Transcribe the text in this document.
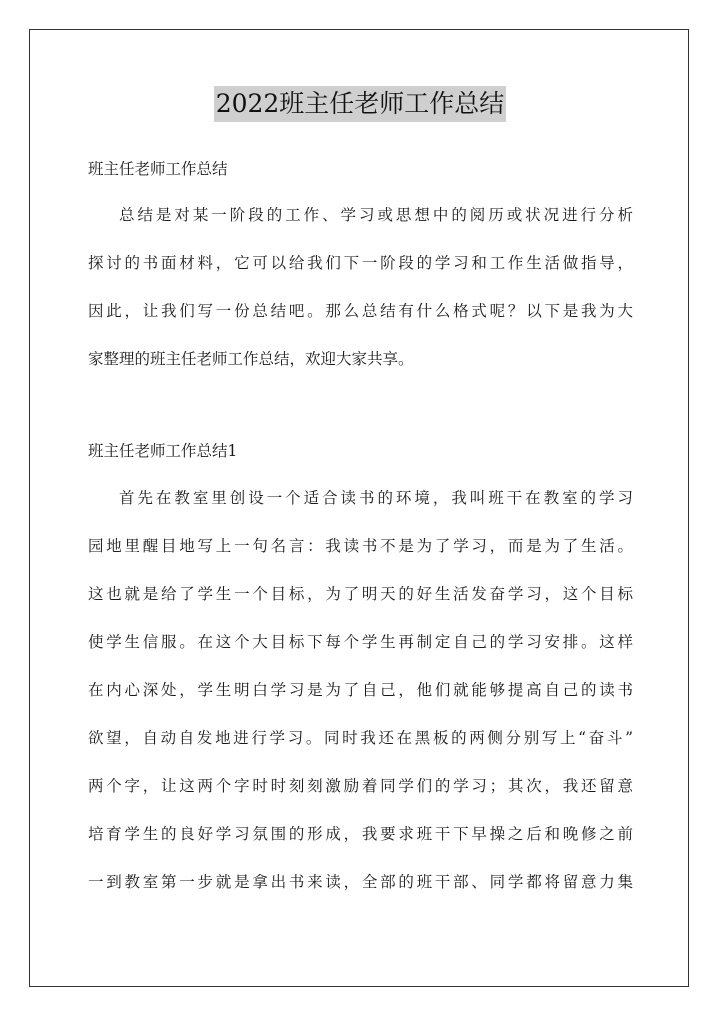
2022班主任老师工作总结
班主任老师工作总结
总结是对某一阶段的工作、学习或思想中的阅历或状况进行分析
探讨的书面材料，它可以给我们下一阶段的学习和工作生活做指导，
因此，让我们写一份总结吧。那么总结有什么格式呢？以下是我为大
家整理的班主任老师工作总结，欢迎大家共享。
班主任老师工作总结1
首先在教室里创设一个适合读书的环境，我叫班干在教室的学习
园地里醒目地写上一句名言：我读书不是为了学习，而是为了生活。
这也就是给了学生一个目标，为了明天的好生活发奋学习，这个目标
使学生信服。在这个大目标下每个学生再制定自己的学习安排。这样
在内心深处，学生明白学习是为了自己，他们就能够提高自己的读书
欲望，自动自发地进行学习。同时我还在黑板的两侧分别写上“奋斗”
两个字，让这两个字时时刻刻激励着同学们的学习；其次，我还留意
培育学生的良好学习氛围的形成，我要求班干下早操之后和晚修之前
一到教室第一步就是拿出书来读，全部的班干部、同学都将留意力集
